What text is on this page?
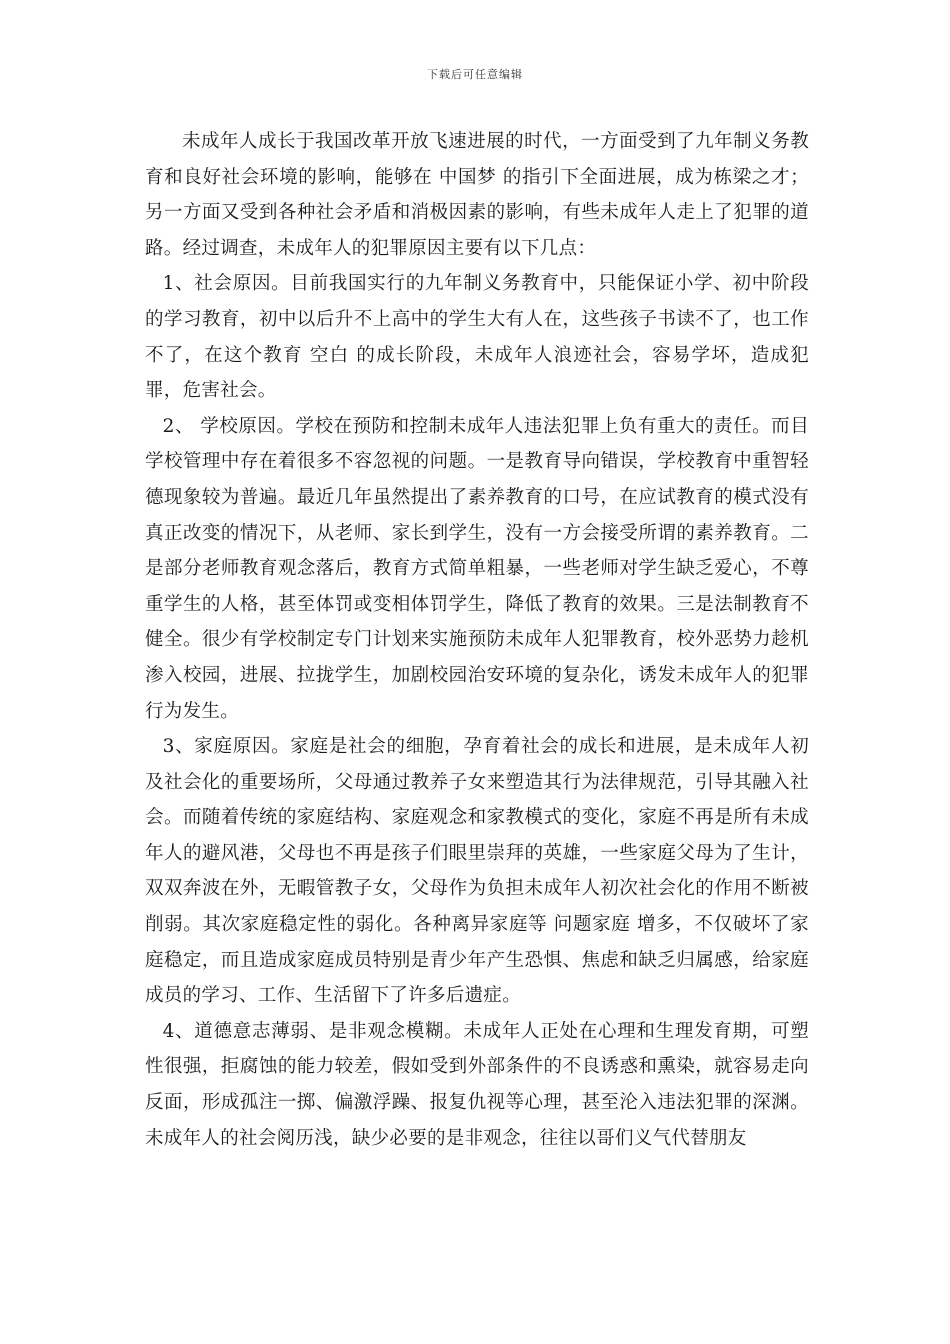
下载后可任意编辑

未成年人成长于我国改革开放飞速进展的时代，一方面受到了九年制义务教育和良好社会环境的影响，能够在 中国梦 的指引下全面进展，成为栋梁之才；另一方面又受到各种社会矛盾和消极因素的影响，有些未成年人走上了犯罪的道路。经过调查，未成年人的犯罪原因主要有以下几点：

1、社会原因。目前我国实行的九年制义务教育中，只能保证小学、初中阶段的学习教育，初中以后升不上高中的学生大有人在，这些孩子书读不了，也工作不了，在这个教育 空白 的成长阶段，未成年人浪迹社会，容易学坏，造成犯罪，危害社会。

2、 学校原因。学校在预防和控制未成年人违法犯罪上负有重大的责任。而目学校管理中存在着很多不容忽视的问题。一是教育导向错误，学校教育中重智轻德现象较为普遍。最近几年虽然提出了素养教育的口号，在应试教育的模式没有真正改变的情况下，从老师、家长到学生，没有一方会接受所谓的素养教育。二是部分老师教育观念落后，教育方式简单粗暴，一些老师对学生缺乏爱心，不尊重学生的人格，甚至体罚或变相体罚学生，降低了教育的效果。三是法制教育不健全。很少有学校制定专门计划来实施预防未成年人犯罪教育，校外恶势力趁机渗入校园，进展、拉拢学生，加剧校园治安环境的复杂化，诱发未成年人的犯罪行为发生。

3、家庭原因。家庭是社会的细胞，孕育着社会的成长和进展，是未成年人初及社会化的重要场所，父母通过教养子女来塑造其行为法律规范，引导其融入社会。而随着传统的家庭结构、家庭观念和家教模式的变化，家庭不再是所有未成年人的避风港，父母也不再是孩子们眼里崇拜的英雄，一些家庭父母为了生计，双双奔波在外，无暇管教子女，父母作为负担未成年人初次社会化的作用不断被削弱。其次家庭稳定性的弱化。各种离异家庭等 问题家庭 增多，不仅破坏了家庭稳定，而且造成家庭成员特别是青少年产生恐惧、焦虑和缺乏归属感，给家庭成员的学习、工作、生活留下了许多后遗症。

4、道德意志薄弱、是非观念模糊。未成年人正处在心理和生理发育期，可塑性很强，拒腐蚀的能力较差，假如受到外部条件的不良诱惑和熏染，就容易走向反面，形成孤注一掷、偏激浮躁、报复仇视等心理，甚至沦入违法犯罪的深渊。未成年人的社会阅历浅，缺少必要的是非观念，往往以哥们义气代替朋友
